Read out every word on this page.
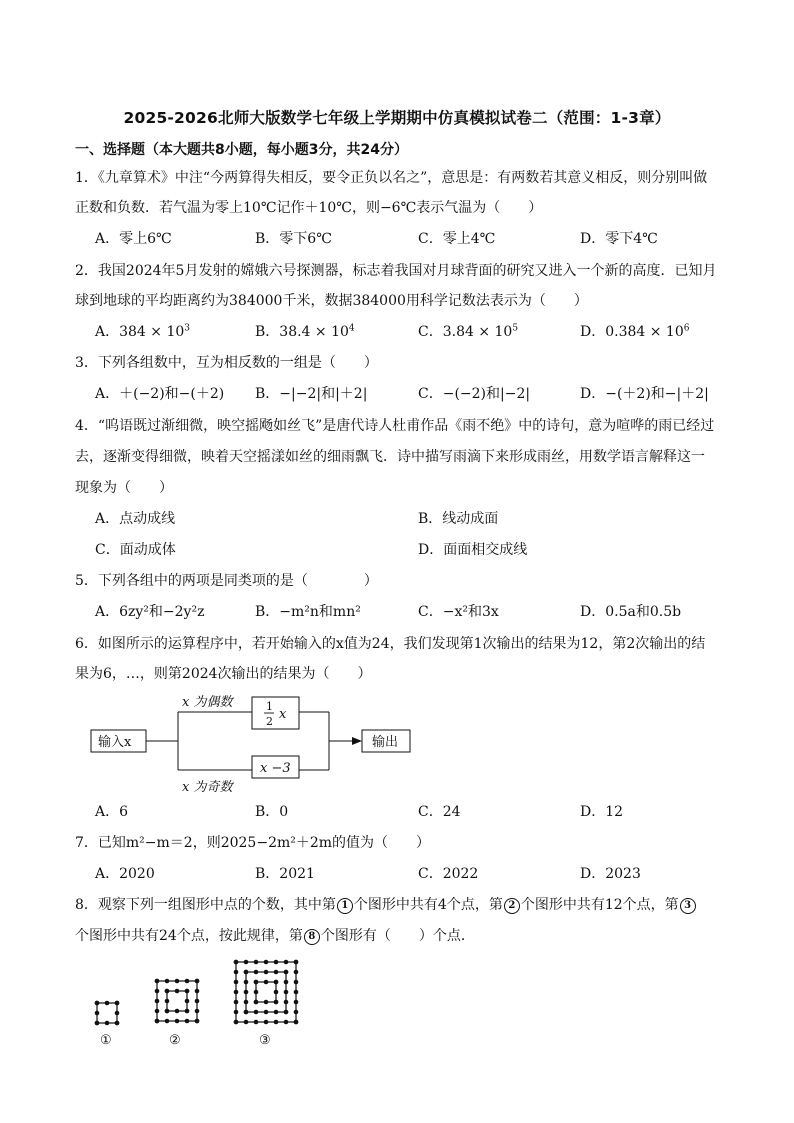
2025-2026北师大版数学七年级上学期期中仿真模拟试卷二（范围：1-3章）
一、选择题（本大题共8小题，每小题3分，共24分）
1．《九章算术》中注“今两算得失相反，要令正负以名之”，意思是：有两数若其意义相反，则分别叫做
正数和负数．若气温为零上10℃记作＋10℃，则−6℃表示气温为（　　）
A．零上6℃	B．零下6℃	C．零上4℃	D．零下4℃
2．我国2024年5月发射的嫦娥六号探测器，标志着我国对月球背面的研究又进入一个新的高度．已知月
球到地球的平均距离约为384000千米，数据384000用科学记数法表示为（　　）
A．$384 \times 10^3$	B．$38.4 \times 10^4$	C．$3.84 \times 10^5$	D．$0.384 \times 10^6$
3．下列各组数中，互为相反数的一组是（　　）
A．＋(−2)和−(＋2) B．−|−2|和|＋2|	C．−(−2)和|−2|	D．−(＋2)和−|＋2|
4．“呜语既过渐细微，映空摇飏如丝飞”是唐代诗人杜甫作品《雨不绝》中的诗句，意为喧哗的雨已经过
去，逐渐变得细微，映着天空摇漾如丝的细雨飘飞．诗中描写雨滴下来形成雨丝，用数学语言解释这一
现象为（　　）
A．点动成线	B．线动成面
C．面动成体	D．面面相交成线
5．下列各组中的两项是同类项的是（　　　　）
A．6zy²和−2y²z	B．−m²n和mn²	C．−x²和3x	D．0.5a和0.5b
6．如图所示的运算程序中，若开始输入的x值为24，我们发现第1次输出的结果为12，第2次输出的结
果为6，…，则第2024次输出的结果为（　　）
输入x
x 为偶数
x 为奇数
1
2 x
x −3
输出
A．6	B．0	C．24	D．12
7．已知m²−m＝2，则2025−2m²＋2m的值为（　　）
A．2020	B．2021	C．2022	D．2023
8．观察下列一组图形中点的个数，其中第 1 个图形中共有4个点，第 2 个图形中共有12个点，第 3
个图形中共有24个点，按此规律，第 8 个图形有（　　）个点．
①	②	③
